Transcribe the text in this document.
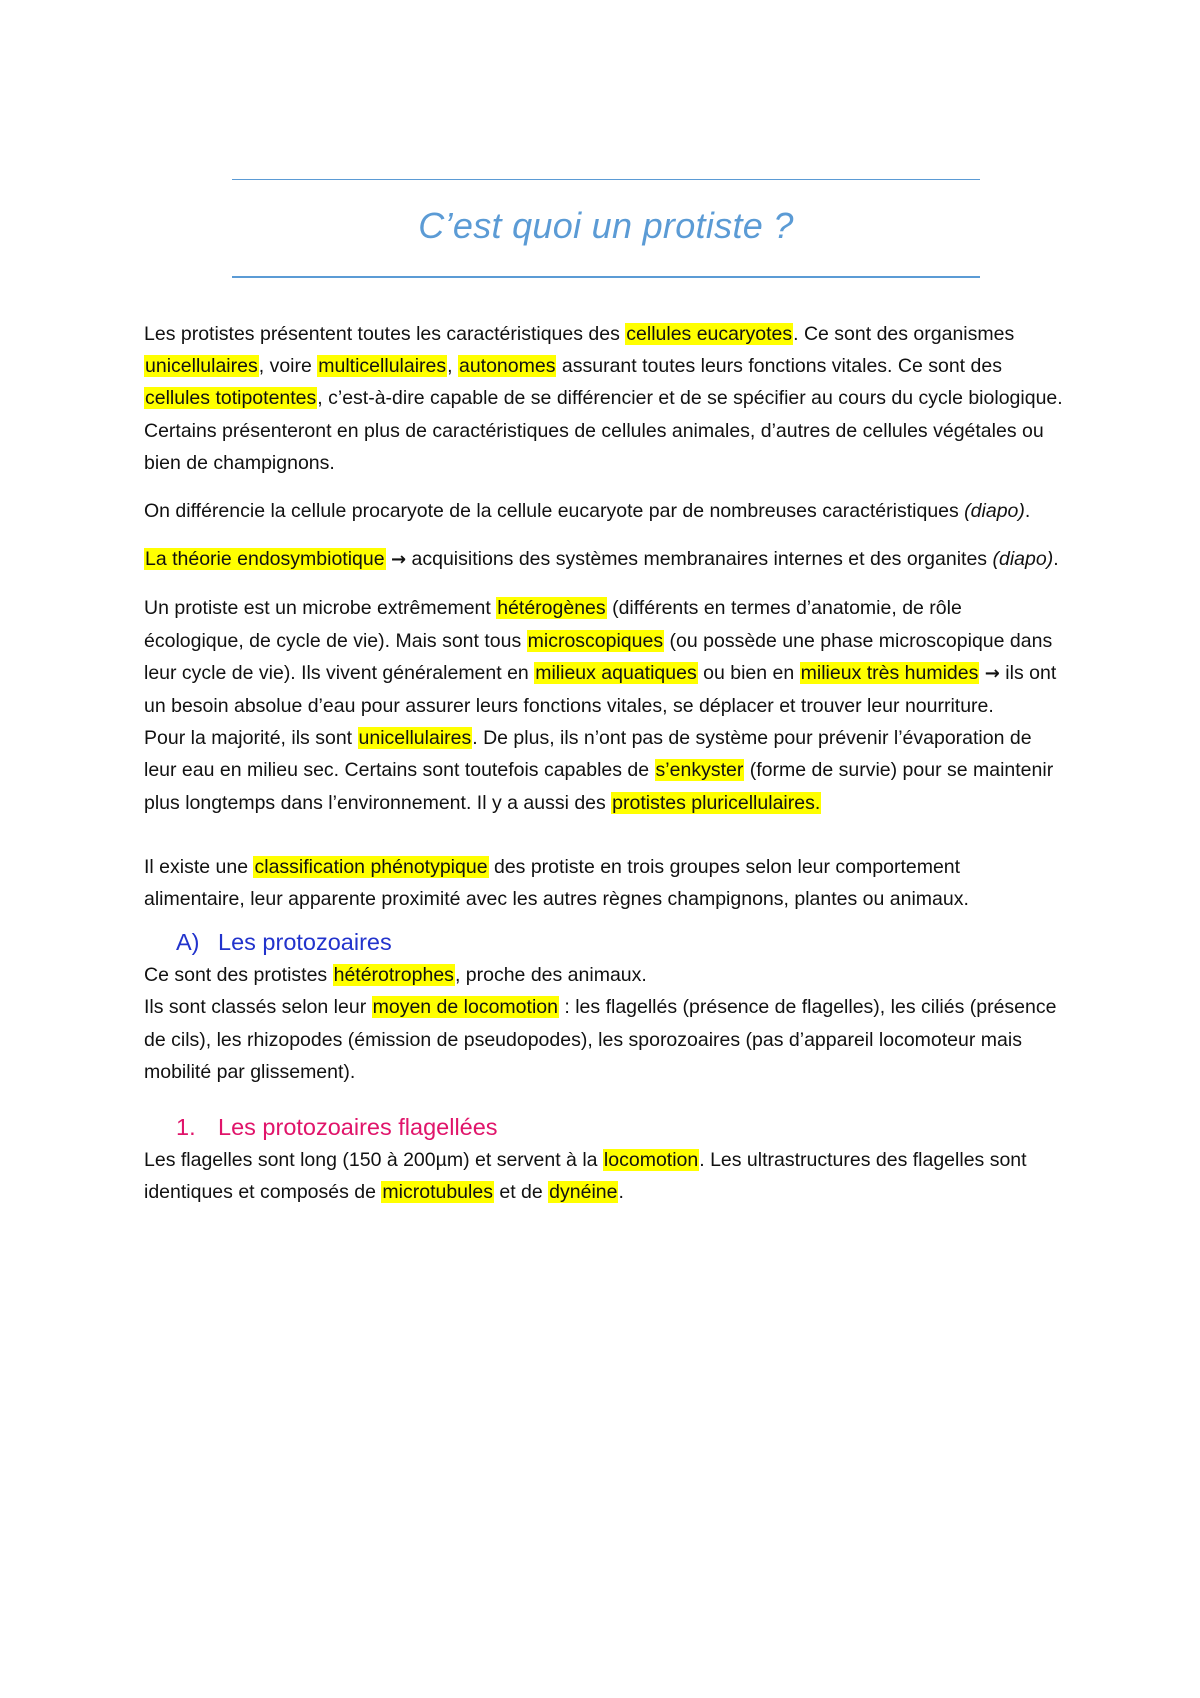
C’est quoi un protiste ?

Les protistes présentent toutes les caractéristiques des cellules eucaryotes. Ce sont des organismes unicellulaires, voire multicellulaires, autonomes assurant toutes leurs fonctions vitales. Ce sont des cellules totipotentes, c’est-à-dire capable de se différencier et de se spécifier au cours du cycle biologique. Certains présenteront en plus de caractéristiques de cellules animales, d’autres de cellules végétales ou bien de champignons.

On différencie la cellule procaryote de la cellule eucaryote par de nombreuses caractéristiques (diapo).

La théorie endosymbiotique → acquisitions des systèmes membranaires internes et des organites (diapo).

Un protiste est un microbe extrêmement hétérogènes (différents en termes d’anatomie, de rôle écologique, de cycle de vie). Mais sont tous microscopiques (ou possède une phase microscopique dans leur cycle de vie). Ils vivent généralement en milieux aquatiques ou bien en milieux très humides → ils ont un besoin absolue d’eau pour assurer leurs fonctions vitales, se déplacer et trouver leur nourriture.

Pour la majorité, ils sont unicellulaires. De plus, ils n’ont pas de système pour prévenir l’évaporation de leur eau en milieu sec. Certains sont toutefois capables de s’enkyster (forme de survie) pour se maintenir plus longtemps dans l’environnement. Il y a aussi des protistes pluricellulaires.

Il existe une classification phénotypique des protiste en trois groupes selon leur comportement alimentaire, leur apparente proximité avec les autres règnes champignons, plantes ou animaux.

A) Les protozoaires

Ce sont des protistes hétérotrophes, proche des animaux.

Ils sont classés selon leur moyen de locomotion : les flagellés (présence de flagelles), les ciliés (présence de cils), les rhizopodes (émission de pseudopodes), les sporozoaires (pas d’appareil locomoteur mais mobilité par glissement).

1. Les protozoaires flagellées

Les flagelles sont long (150 à 200µm) et servent à la locomotion. Les ultrastructures des flagelles sont identiques et composés de microtubules et de dynéine.
